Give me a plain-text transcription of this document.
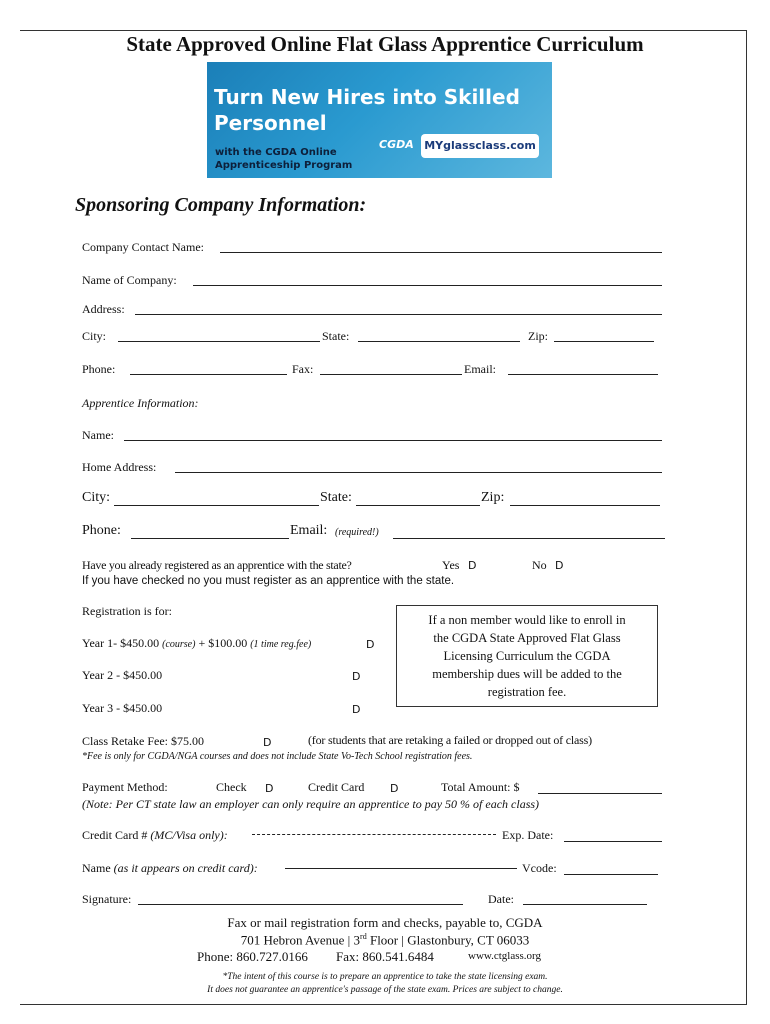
State Approved Online Flat Glass Apprentice Curriculum
Turn New Hires into Skilled
Personnel
with the CGDA Online
Apprenticeship Program
CGDA MYglassclass.com
Sponsoring Company Information:
Company Contact Name:
Name of Company:
Address:
City:	State:	Zip:
Phone:	Fax:	Email:
Apprentice Information:
Name:
Home Address:
City:	State:	Zip:
Phone:	Email: (required!)
Have you already registered as an apprentice with the state?	Yes D	No D
If you have checked no you must register as an apprentice with the state.
Registration is for:
Year 1- $450.00 (course) + $100.00 (1 time reg.fee)	D
Year 2 - $450.00	D
Year 3 - $450.00	D
If a non member would like to enroll in
the CGDA State Approved Flat Glass
Licensing Curriculum the CGDA
membership dues will be added to the
registration fee.
Class Retake Fee: $75.00	D	(for students that are retaking a failed or dropped out of class)
*Fee is only for CGDA/NGA courses and does not include State Vo-Tech School registration fees.
Payment Method:	Check D	Credit Card D	Total Amount: $
(Note: Per CT state law an employer can only require an apprentice to pay 50 % of each class)
Credit Card # (MC/Visa only):	Exp. Date:
Name (as it appears on credit card):	Vcode:
Signature:	Date:
Fax or mail registration form and checks, payable to, CGDA
701 Hebron Avenue | 3rd Floor | Glastonbury, CT 06033
Phone: 860.727.0166 Fax: 860.541.6484	www.ctglass.org
*The intent of this course is to prepare an apprentice to take the state licensing exam.
It does not guarantee an apprentice's passage of the state exam. Prices are subject to change.
